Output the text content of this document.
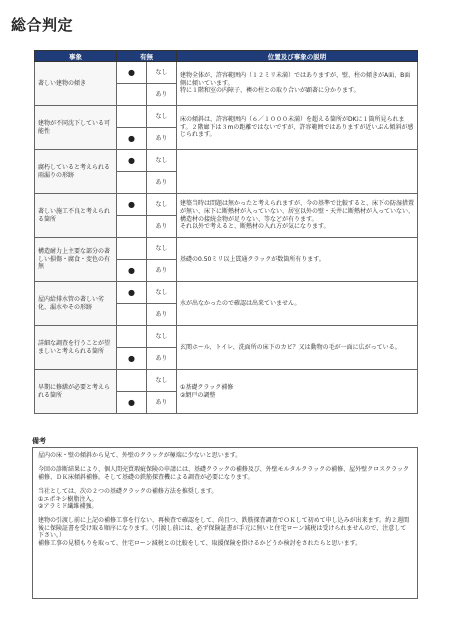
総合判定
事象	有無		位置及び事象の説明
著しい建物の傾き	●	なし	建物全体が、許容範囲内（１２ミリ未満）ではありますが、壁、柱の傾きがA面、B面側に傾いています。
特に１階和室の内障子、襖の柱との取り合いが顕著に分かります。

		あり	
建物が不同沈下している可能性		なし	床の傾斜は、許容範囲内（６／１０００未満）を超える箇所がDKに１箇所見られます。２階廊下は３mの距離ではないですが、許容範囲ではありますが近いぶん傾斜が感じられます。

	●	あり	
腐朽していると考えられる雨漏りの形跡	●	なし	
		あり	
著しい施工不良と考えられる箇所	●	なし	建築当時は問題は無かったと考えられますが、今の基準で比較すると、床下の防湿措置が無い、床下に断熱材が入っていない、居室以外の壁・天井に断熱材が入っていない、構造材の接続金物が足りない、等などが有ります。
それ以外で考えると、断熱材の入れ方が気になります。

		あり	
構造耐力上主要な部分の著しい損傷・腐食・変色の有無		なし	基礎の0.50ミリ以上貫通クラックが数箇所有ります。

	●	あり	
屋内給排水管の著しい劣化、漏水やその形跡	●	なし	水が出なかったので確認は出来ていません。

		あり	
詳細な調査を行うことが望ましいと考えられる箇所		なし	玄関ホール、トイレ、洗面所の床下のカビ？又は動物の毛が一面に広がっている。

	●	あり	
早期に修繕が必要と考えられる箇所		なし	①基礎クラック補修
②網戸の調整

	●	あり	
備考

屋内の床・壁の傾斜から見て、外壁のクラックが極端に少ないと思います。

今回の診断結果により、個人間売買瑕疵保険の申請には、基礎クラックの補修及び、外壁モルタルクラックの補修、屋外壁クロスクラック補修、ＤＫ床傾斜補修。そして基礎の鉄筋探査機による調査が必要になります。

当社としては、次の２つの基礎クラックの補修方法を推奨します。

①エポキシ樹脂注入。

②アラミド繊維補強。

建物の引渡し前に上記の補修工事を行ない、再検査で確認をして、尚且つ、鉄筋探査調査でＯＫして初めて申し込みが出来ます。約２週間後に保険証書を受け取る順序になります。（引渡し前には、必ず保険証書が手元に無いと住宅ローン減税は受けられませんので、注意して下さい。）

補修工事の見積もりを取って、住宅ローン減税との比較をして、取援保険を掛けるかどうか検討をされたらと思います。
